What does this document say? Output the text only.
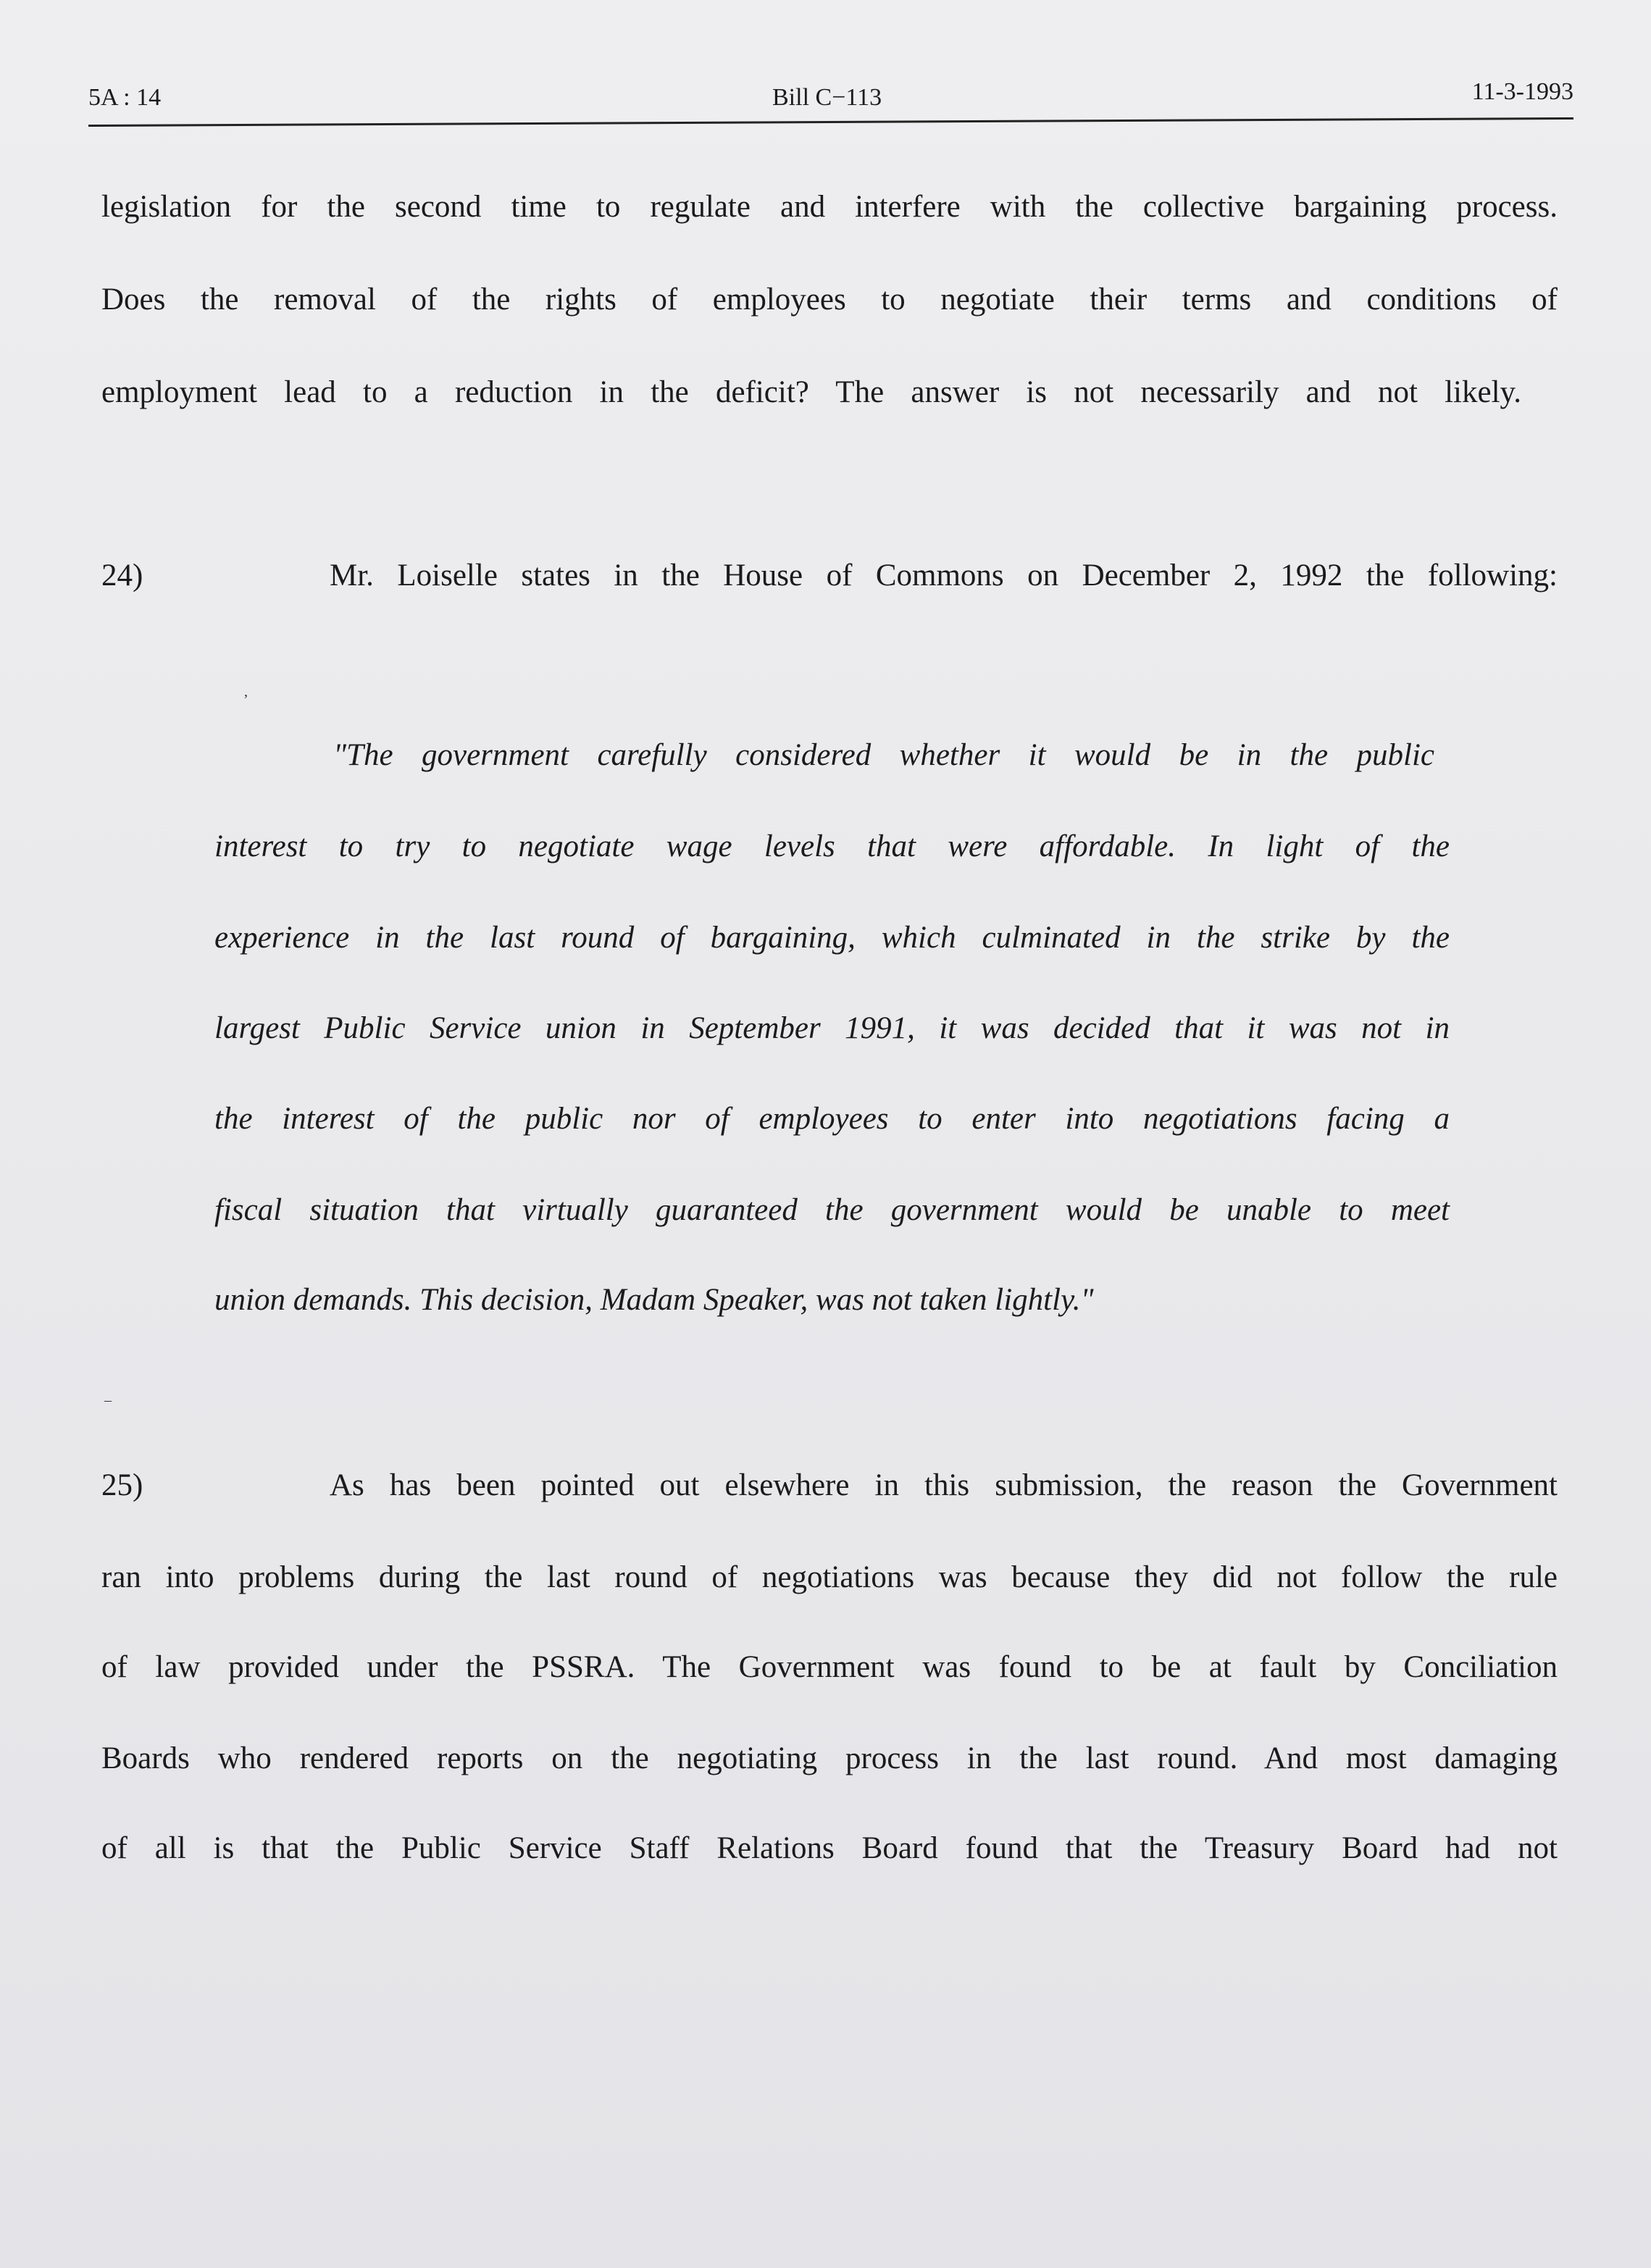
5A : 14	Bill C−113	11-3-1993
legislation for the second time to regulate and interfere with the collective bargaining process.
Does the removal of the rights of employees to negotiate their terms and conditions of
employment lead to a reduction in the deficit? The answer is not necessarily and not likely.
24)	Mr. Loiselle states in the House of Commons on December 2, 1992 the following:
‚
"The government carefully considered whether it would be in the public
interest to try to negotiate wage levels that were affordable. In light of the
experience in the last round of bargaining, which culminated in the strike by the
largest Public Service union in September 1991, it was decided that it was not in
the interest of the public nor of employees to enter into negotiations facing a
fiscal situation that virtually guaranteed the government would be unable to meet
union demands. This decision, Madam Speaker, was not taken lightly."
–
25)	As has been pointed out elsewhere in this submission, the reason the Government
ran into problems during the last round of negotiations was because they did not follow the rule
of law provided under the PSSRA. The Government was found to be at fault by Conciliation
Boards who rendered reports on the negotiating process in the last round. And most damaging
of all is that the Public Service Staff Relations Board found that the Treasury Board had not
